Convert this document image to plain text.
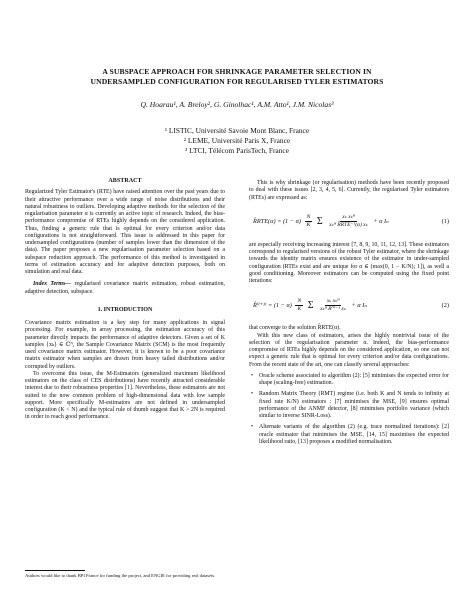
A SUBSPACE APPROACH FOR SHRINKAGE PARAMETER SELECTION IN
UNDERSAMPLED CONFIGURATION FOR REGULARISED TYLER ESTIMATORS
Q. Hoarau¹, A. Breloy², G. Ginolhac¹, A.M. Atto¹, J.M. Nicolas³
¹ LISTIC, Université Savoie Mont Blanc, France
² LEME, Université Paris X, France
³ LTCI, Télécom ParisTech, France
ABSTRACT

Regularized Tyler Estimator's (RTE) have raised attention over the past years due to their attractive performance over a wide range of noise distributions and their natural robustness to outliers. Developing adaptive methods for the selection of the regularisation parameter α is currently an active topic of research. Indeed, the bias-performance compromise of RTEs highly depends on the considered application. Thus, finding a generic rule that is optimal for every criterion and/or data configurations is not straightforward. This issue is addressed in this paper for undersampled configurations (number of samples lower than the dimension of the data). The paper proposes a new regularisation parameter selection based on a subspace reduction approach. The performance of this method is investigated in terms of estimation accuracy and for adaptive detection purposes, both on simulation and real data.

Index Terms— regularised covariance matrix estimation, robust estimation, adaptive detection, subspace.

1. INTRODUCTION

Covariance matrix estimation is a key step for many applications in signal processing. For example, in array processing, the estimation accuracy of this parameter directly impacts the performance of adaptive detectors. Given a set of K samples {xₖ} ∈ ℂᴺ, the Sample Covariance Matrix (SCM) is the most frequently used covariance matrix estimator. However, it is known to be a poor covariance matrix estimator when samples are drawn from heavy tailed distributions and/or corrupted by outliers.

To overcome this issue, the M-Estimators (generalized maximum likelihood estimators on the class of CES distributions) have recently attracted considerable interest due to their robustness properties [1]. Nevertheless, these estimators are not suited to the now common problem of high-dimensional data with low sample support. More specifically M-estimators are not defined in undersampled configuration (K < N) and the typical rule of thumb suggest that K > 2N is required in order to reach good performance.

Authors would like to thank BPI France for funding the project, and ENGIE for providing real datasets.

This is why shrinkage (or regularisation) methods have been recently proposed to deal with these issues [2, 3, 4, 5, 6]. Currently, the regularised Tyler estimators (RTEs) are expressed as:

R̂RTE(α) = $(1 - \alpha) \frac{N}{K}$ Σ $\frac{\text{xₖ xₖᴴ}}{\text{xₖᴴ R̂RTE⁻¹(α) xₖ}} + \alpha$ Iₙ	(1)

are especially receiving increasing interest [7, 8, 9, 10, 11, 12, 13]. These estimators correspond to regularised versions of the robust Tyler estimator, where the shrinkage towards the identity matrix ensures existence of the estimator in under-sampled configuration (RTEs exist and are unique for α ∈ (max(0, 1 − K/N); 1]), as well a good conditioning. Moreover estimators can be computed using the fixed point iterations:

R̂⁽ⁱ⁺¹⁾ = $(1 - \alpha) \frac{N}{K}$ Σ $\frac{\text{xₖ xₖᴴ}}{\text{xₖᴴ R̂⁽ⁱ⁾⁻¹ xₖ}} + \alpha$ Iₙ	(2)

that converge to the solution R̂RTE(α).

With this new class of estimators, arises the highly nontrivial issue of the selection of the regularisation parameter α. Indeed, the bias-performance compromise of RTEs highly depends on the considered application, so one can not expect a generic rule that is optimal for every criterion and/or data configurations. From the recent state of the art, one can classify several approaches:

• Oracle scheme associated to algorithm (2): [5] minimises the expected error for shape (scaling-free) estimation.
• Random Matrix Theory (RMT) regime (i.e. both K and N tends to infinity at fixed rate K/N) estimators : [7] minimises the MSE, [9] ensures optimal performance of the ANMF detector, [8] minimises portfolio variance (which similar to inverse SINR-Loss).
• Alternate variants of the algorithm (2) (e.g. trace normalized iterations): [2] oracle estimator that minimises the MSE, [14, 15] maximises the expected likelihood ratio, [13] proposes a modified normalisation.
